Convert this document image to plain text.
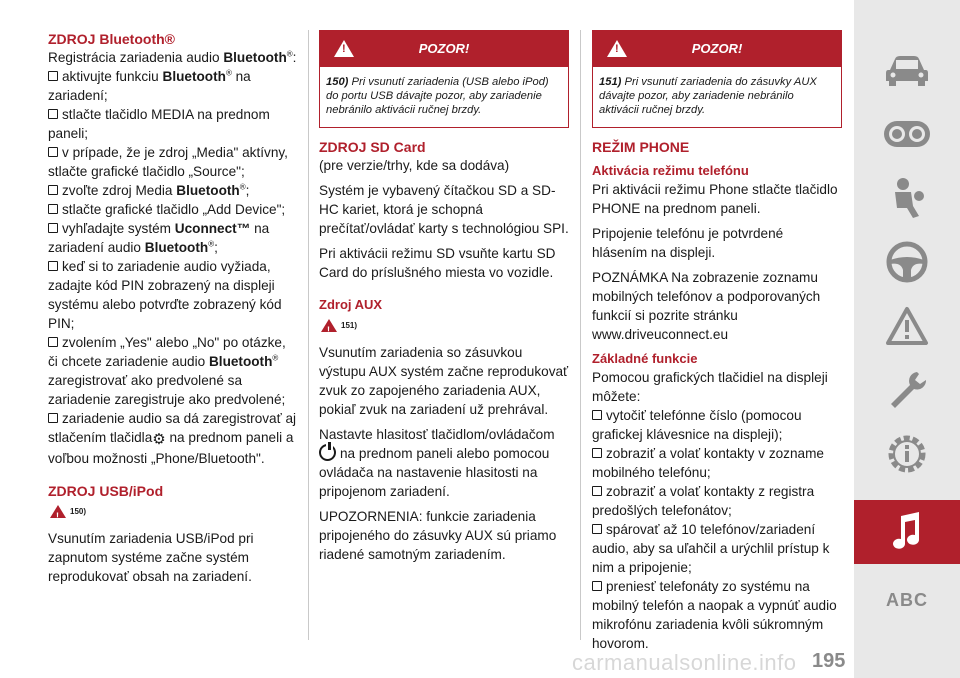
ZDROJ Bluetooth®

Registrácia zariadenia audio Bluetooth®:

aktivujte funkciu Bluetooth® na zariadení;

stlačte tlačidlo MEDIA na prednom paneli;

v prípade, že je zdroj „Media" aktívny, stlačte grafické tlačidlo „Source";

zvoľte zdroj Media Bluetooth®;

stlačte grafické tlačidlo „Add Device";

vyhľadajte systém Uconnect™ na zariadení audio Bluetooth®;

keď si to zariadenie audio vyžiada, zadajte kód PIN zobrazený na displeji systému alebo potvrďte zobrazený kód PIN;

zvolením „Yes" alebo „No" po otázke, či chcete zariadenie audio Bluetooth® zaregistrovať ako predvolené sa zariadenie zaregistruje ako predvolené;

zariadenie audio sa dá zaregistrovať aj stlačením tlačidla⚙ na prednom paneli a voľbou možnosti „Phone/Bluetooth".

ZDROJ USB/iPod
!
150)

Vsunutím zariadenia USB/iPod pri zapnutom systéme začne systém reprodukovať obsah na zariadení.

!
POZOR!
150) Pri vsunutí zariadenia (USB alebo iPod) do portu USB dávajte pozor, aby zariadenie nebránilo aktivácii ručnej brzdy.
ZDROJ SD Card

(pre verzie/trhy, kde sa dodáva)

Systém je vybavený čítačkou SD a SD-HC kariet, ktorá je schopná prečítať/ovládať karty s technológiou SPI.

Pri aktivácii režimu SD vsuňte kartu SD Card do príslušného miesta vo vozidle.

Zdroj AUX
!
151)

Vsunutím zariadenia so zásuvkou výstupu AUX systém začne reprodukovať zvuk zo zapojeného zariadenia AUX, pokiaľ zvuk na zariadení už prehrával.

Nastavte hlasitosť tlačidlom/ovládačom
na prednom paneli alebo pomocou ovládača na nastavenie hlasitosti na pripojenom zariadení.

UPOZORNENIA: funkcie zariadenia pripojeného do zásuvky AUX sú priamo riadené samotným zariadením.

!
POZOR!
151) Pri vsunutí zariadenia do zásuvky AUX dávajte pozor, aby zariadenie nebránilo aktivácii ručnej brzdy.
REŽIM PHONE
Aktivácia režimu telefónu

Pri aktivácii režimu Phone stlačte tlačidlo PHONE na prednom paneli.

Pripojenie telefónu je potvrdené hlásením na displeji.

POZNÁMKA Na zobrazenie zoznamu mobilných telefónov a podporovaných funkcií si pozrite stránku www.driveuconnect.eu

Základné funkcie

Pomocou grafických tlačidiel na displeji môžete:

vytočiť telefónne číslo (pomocou grafickej klávesnice na displeji);

zobraziť a volať kontakty v zozname mobilného telefónu;

zobraziť a volať kontakty z registra predošlých telefonátov;

spárovať až 10 telefónov/zariadení audio, aby sa uľahčil a urýchlil prístup k nim a pripojenie;

preniesť telefonáty zo systému na mobilný telefón a naopak a vypnúť audio mikrofónu zariadenia kvôli súkromným hovorom.

ABC
carmanualsonline.info 195
